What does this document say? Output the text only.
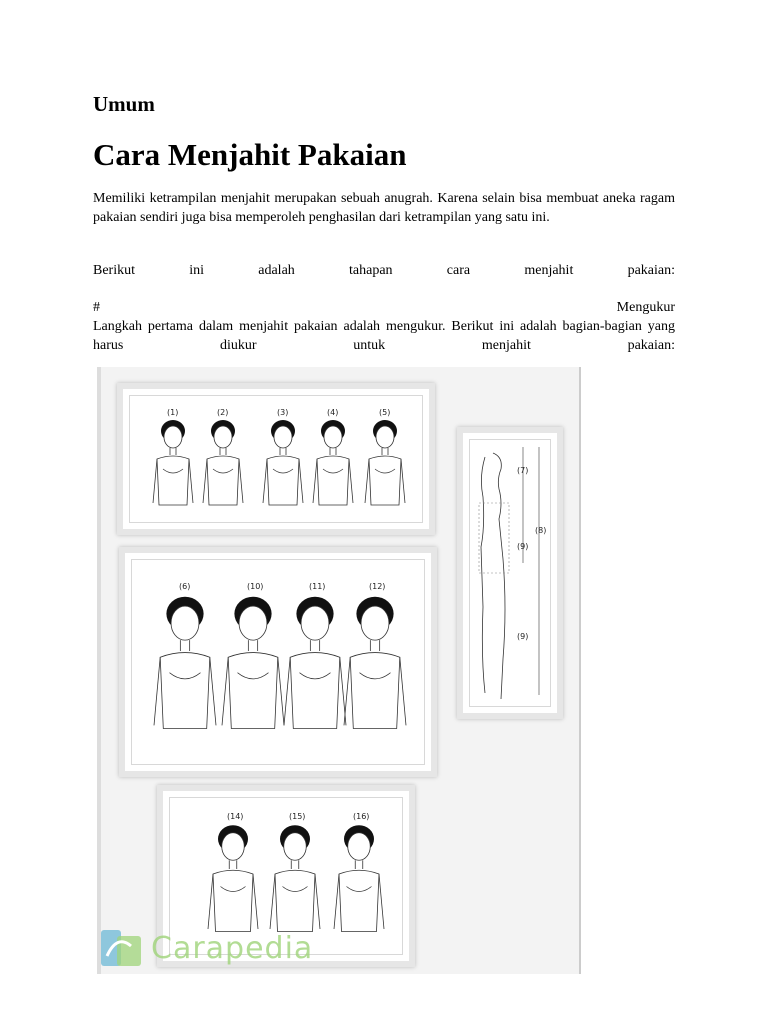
Umum
Cara Menjahit Pakaian

Memiliki ketrampilan menjahit merupakan sebuah anugrah. Karena selain bisa membuat aneka ragam pakaian sendiri juga bisa memperoleh penghasilan dari ketrampilan yang satu ini.

Berikut ini adalah tahapan cara menjahit pakaian:

#	Mengukur
Langkah pertama dalam menjahit pakaian adalah mengukur. Berikut ini adalah bagian-bagian yang harus diukur untuk menjahit pakaian:

(1)	(2)	(3)	(4)	(5)
(6)	(10)	(11)	(12)
(14)	(15)	(16)
(7)
(8)
(9)
(9)
Carapedia
